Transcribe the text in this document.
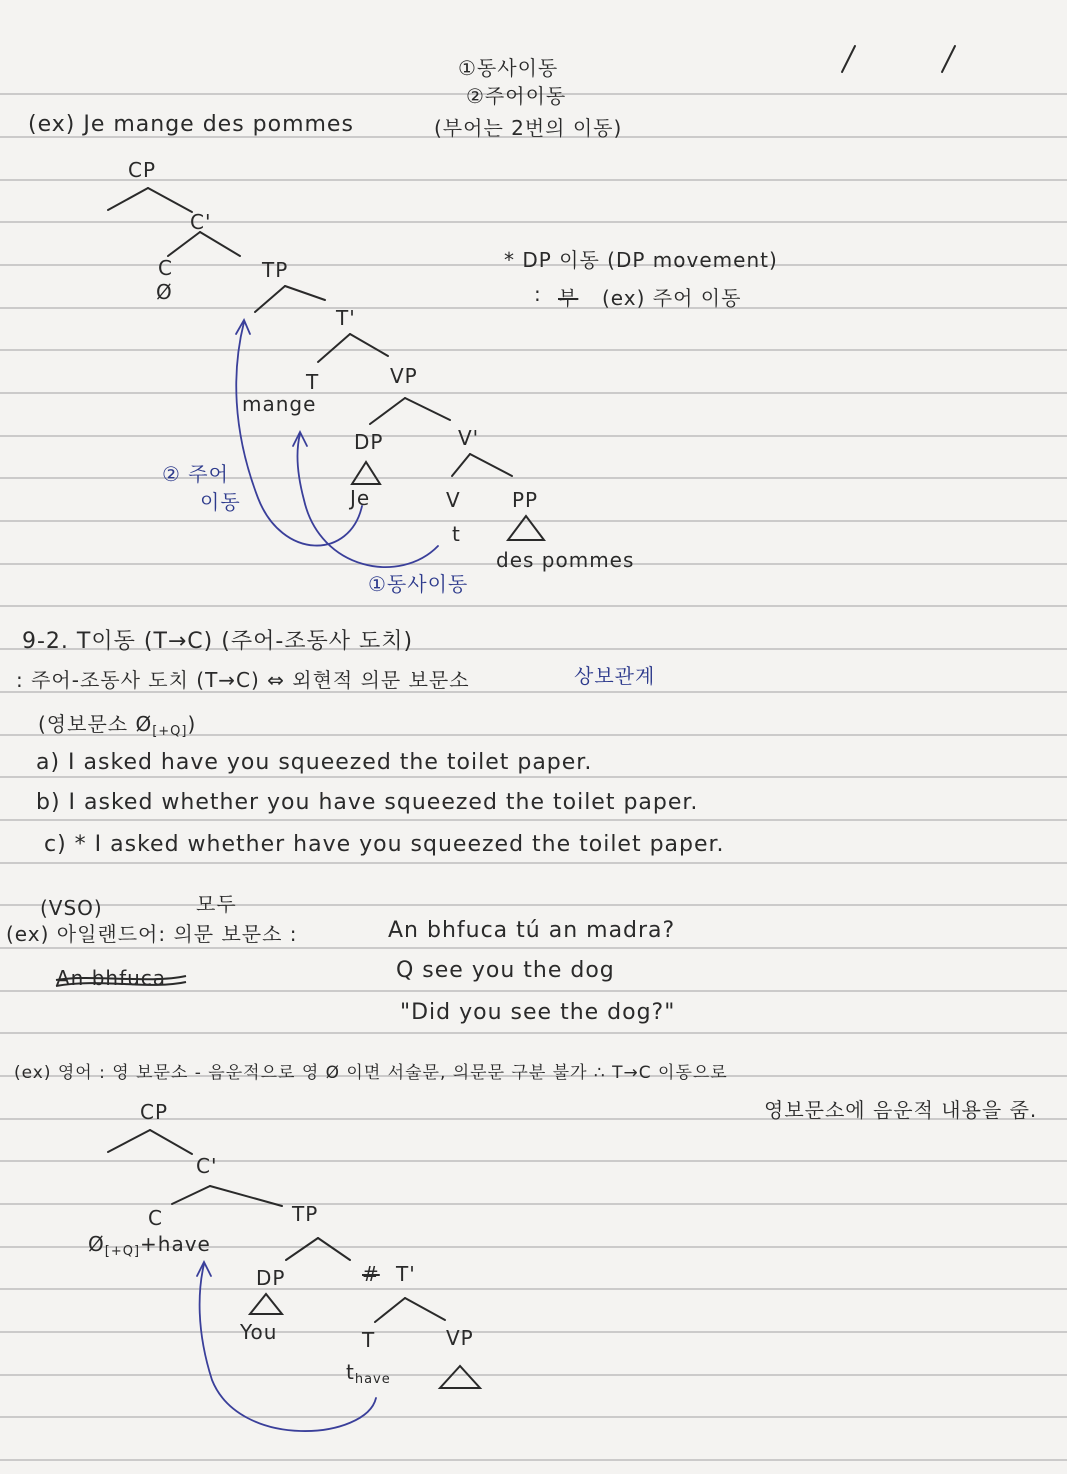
①동사이동
②주어이동
(ex) Je mange des pommes	(부어는 2번의 이동)
CP
C'
C
Ø
TP
T'
T
mange
VP
DP
Je
V'
V
t
PP
des pommes
② 주어
이동
①동사이동
* DP 이동 (DP movement)
: 부 (ex) 주어 이동
9-2. T이동 (T→C) (주어-조동사 도치)
: 주어-조동사 도치 (T→C) ⇔ 외현적 의문 보문소	상보관계
(영보문소 $Ø_{[+Q]}$)
a) I asked have you squeezed the toilet paper.
b) I asked whether you have squeezed the toilet paper.
c) * I asked whether have you squeezed the toilet paper.
(VSO)	모두
(ex) 아일랜드어: 의문 보문소 :
An bhfuca
An bhfuca tú an madra?
Q see you the dog
"Did you see the dog?"
(ex) 영어 : 영 보문소 - 음운적으로 영 Ø 이면 서술문, 의문문 구분 불가 ∴ T→C 이동으로
영보문소에 음운적 내용을 줌.
CP
C'
C
$Ø_{[+Q]}+have$
TP
DP
You
# T'
T
$t_{have}$
VP
